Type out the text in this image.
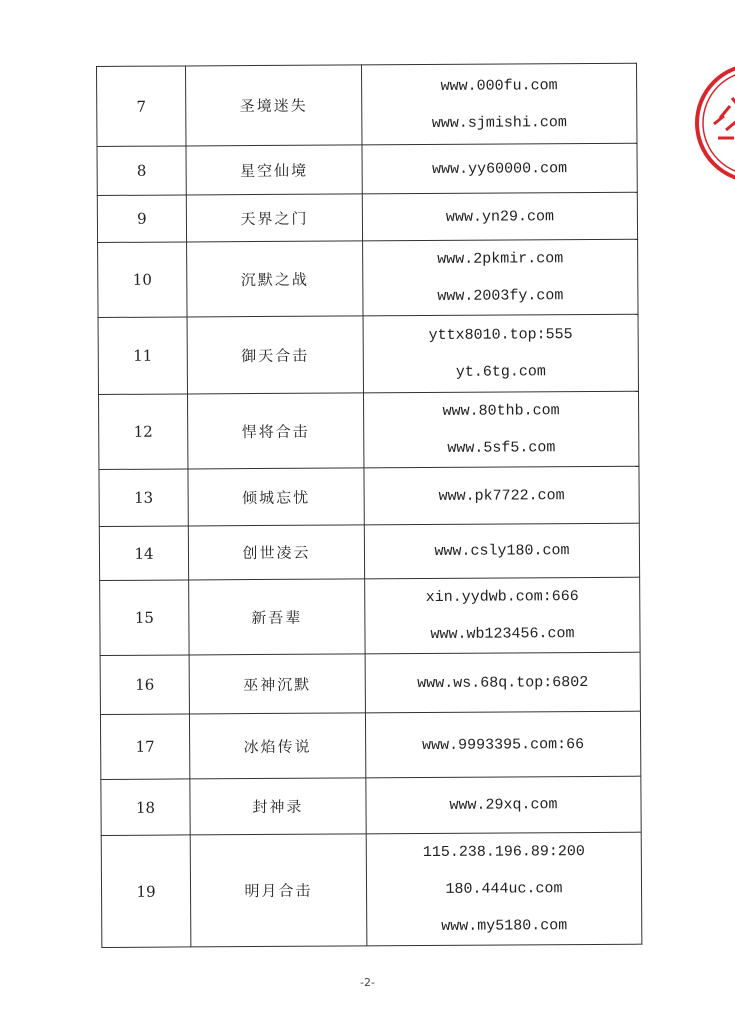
7	圣境迷失	www.000fu.com
www.sjmishi.com

8	星空仙境	www.yy60000.com

9	天界之门	www.yn29.com

10	沉默之战	www.2pkmir.com
www.2003fy.com

11	御天合击	yttx8010.top:555
yt.6tg.com

12	悍将合击	www.80thb.com
www.5sf5.com

13	倾城忘忧	www.pk7722.com

14	创世凌云	www.csly180.com

15	新吾辈	xin.yydwb.com:666
www.wb123456.com

16	巫神沉默	www.ws.68q.top:6802

17	冰焰传说	www.9993395.com:66

18	封神录	www.29xq.com

19	明月合击	115.238.196.89:200
180.444uc.com
www.my5180.com
-2-
